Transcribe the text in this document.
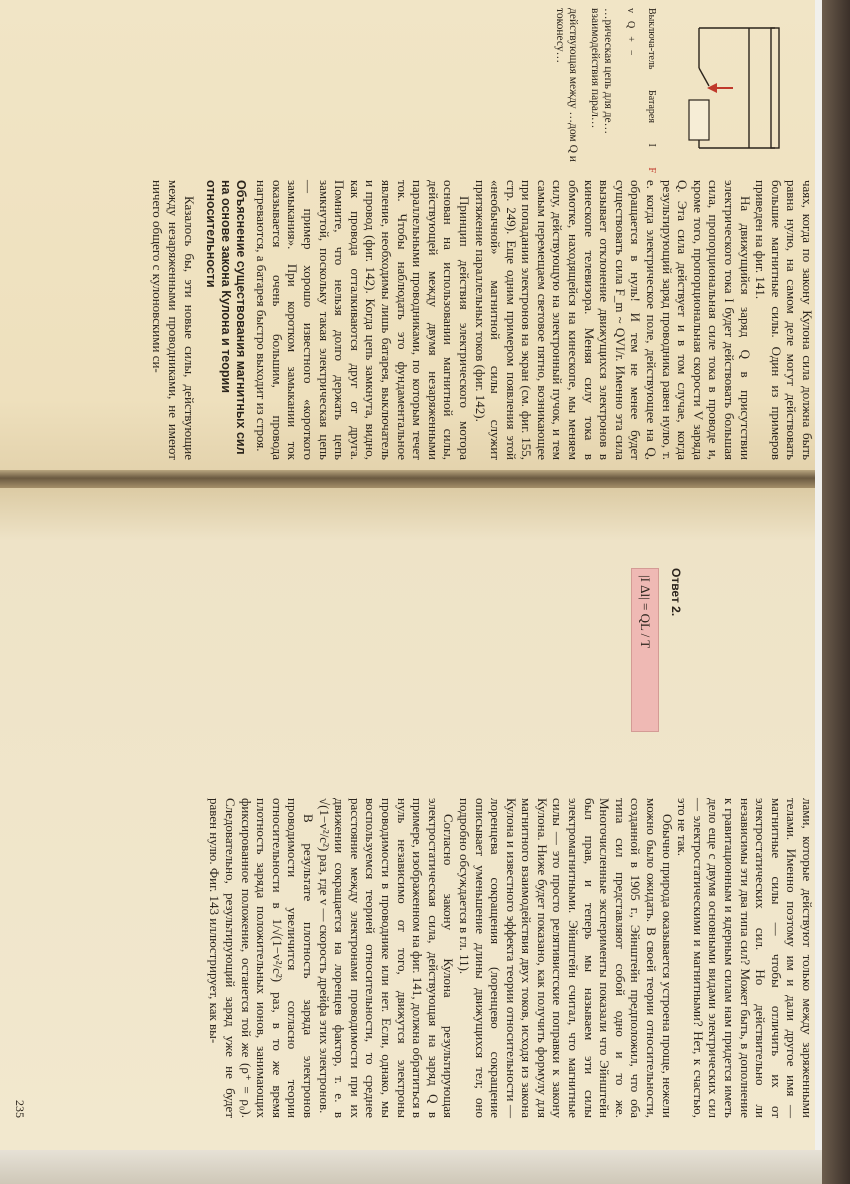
Выключа-тель
Батарея
I
F
v
Q
+
−

…рическая цепь для де… взаимодействия парал…

действующая между …дом Q и токонесу…

чаях, когда по закону Кулона сила должна быть равна нулю, на самом деле могут действовать большие магнитные силы. Один из примеров приведен на фиг. 141.

На движущийся заряд Q в присутствии электрического тока I будет действовать большая сила, пропорциональная силе тока в проводе и, кроме того, пропорциональная скорости V заряда Q. Эта сила действует и в том случае, когда результирующий заряд проводника равен нулю, т. е. когда электрическое поле, действующее на Q, обращается в нуль! И тем не менее будет существовать сила F_m ~ QVI/r. Именно эта сила вызывает отклонение движущихся электронов в кинескопе телевизора. Меняя силу тока в обмотке, находящейся на кинескопе, мы меняем силу, действующую на электронный пучок, и тем самым перемещаем световое пятно, возникающее при попадании электронов на экран (см. фиг. 155, стр. 249). Еще одним примером появления этой «необычной» магнитной силы служит притяжение параллельных токов (фиг. 142).

Принцип действия электрического мотора основан на использовании магнитной силы, действующей между двумя незаряженными параллельными проводниками, по которым течет ток. Чтобы наблюдать это фундаментальное явление, необходимы лишь батарея, выключатель и провод (фиг. 142). Когда цепь замкнута, видно, как провода отталкиваются друг от друга. Помните, что нельзя долго держать цепь замкнутой, поскольку такая электрическая цепь — пример хорошо известного «короткого замыкания». При коротком замыкании ток оказывается очень большим, провода нагреваются, а батарея быстро выходит из строя.

Объяснение существования магнитных сил на основе закона Кулона и теории относительности

Казалось бы, эти новые силы, действующие между незаряженными проводниками, не имеют ничего общего с кулоновскими си-

Ответ 2.
|I Δl| = QL / T

лами, которые действуют только между заряженными телами. Именно поэтому им и дали другое имя — магнитные силы — чтобы отличить их от электростатических сил. Но действительно ли независимы эти два типа сил? Может быть, в дополнение к гравитационным и ядерным силам нам придется иметь дело еще с двумя основными видами электрических сил — электростатическими и магнитными? Нет, к счастью, это не так.

Обычно природа оказывается устроена проще, нежели можно было ожидать. В своей теории относительности, созданной в 1905 г., Эйнштейн предположил, что оба типа сил представляют собой одно и то же. Многочисленные эксперименты показали что Эйнштейн был прав, и теперь мы называем эти силы электромагнитными. Эйнштейн считал, что магнитные силы — это просто релятивистские поправки к закону Кулона. Ниже будет показано, как получить формулу для магнитного взаимодействия двух токов, исходя из закона Кулона и известного эффекта теории относительности — лоренцева сокращения (лоренцево сокращение описывает уменьшение длины движущихся тел; оно подробно обсуждается в гл. 11).

Согласно закону Кулона результирующая электростатическая сила, действующая на заряд Q в примере, изображенном на фиг. 141, должна обратиться в нуль независимо от того, движутся электроны проводимости в проводнике или нет. Если, однако, мы воспользуемся теорией относительности, то среднее расстояние между электронами проводимости при их движении сокращается на лоренцев фактор, т. е. в √(1−v²/c²) раз, где v — скорость дрейфа этих электронов.

В результате плотность заряда электронов проводимости увеличится согласно теории относительности в 1/√(1−v²/c²) раз, в то же время плотность заряда положительных ионов, занимающих фиксированное положение, останется той же (ρ⁺ = ρ₀). Следовательно, результирующий заряд уже не будет равен нулю. Фиг. 143 иллюстрирует, как вы-

235
